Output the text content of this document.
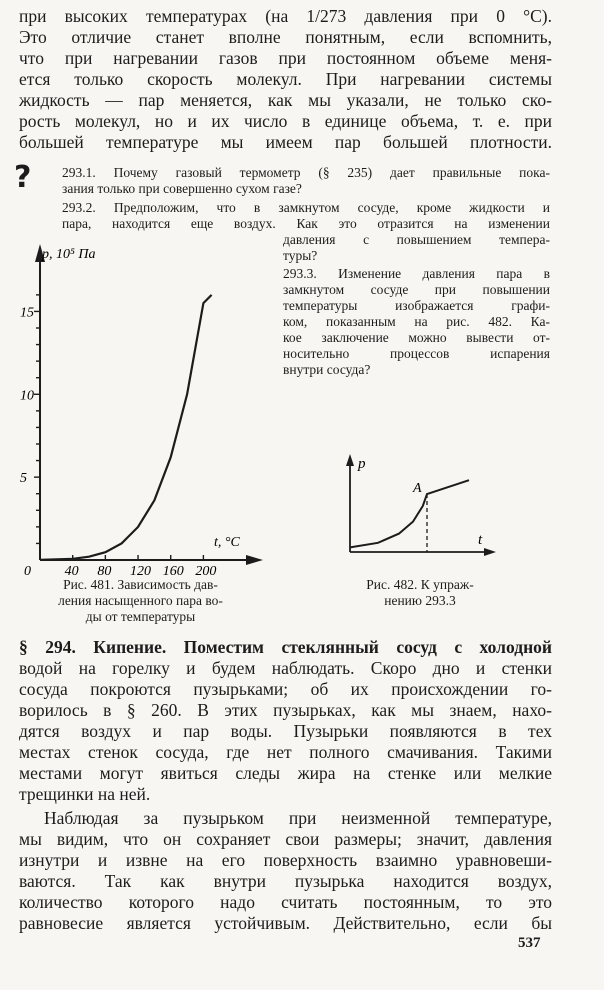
при высоких температурах (на 1/273 давления при 0 °С).
Это отличие станет вполне понятным, если вспомнить,
что при нагревании газов при постоянном объеме меня-
ется только скорость молекул. При нагревании системы
жидкость — пар меняется, как мы указали, не только ско-
рость молекул, но и их число в единице объема, т. е. при
большей температуре мы имеем пар большей плотности.
? 293.1. Почему газовый термометр (§ 235) дает правильные пока-
зания только при совершенно сухом газе?
293.2. Предположим, что в замкнутом сосуде, кроме жидкости и
пара, находится еще воздух. Как это отразится на изменении
давления с повышением темпера-
туры?
293.3. Изменение давления пара в
замкнутом сосуде при повышении
температуры изображается графи-
ком, показанным на рис. 482. Ка-
кое заключение можно вывести от-
носительно процессов испарения
внутри сосуда?
p, 10⁵ Па
t, °C
5
10
15
0 40 80 120 160 200
p
t
A
Рис. 481. Зависимость дав-
ления насыщенного пара во-
ды от температуры
Рис. 482. К упраж-
нению 293.3
§ 294. Кипение. Поместим стеклянный сосуд с холодной
водой на горелку и будем наблюдать. Скоро дно и стенки
сосуда покроются пузырьками; об их происхождении го-
ворилось в § 260. В этих пузырьках, как мы знаем, нахо-
дятся воздух и пар воды. Пузырьки появляются в тех
местах стенок сосуда, где нет полного смачивания. Такими
местами могут явиться следы жира на стенке или мелкие
трещинки на ней.
Наблюдая за пузырьком при неизменной температуре,
мы видим, что он сохраняет свои размеры; значит, давления
изнутри и извне на его поверхность взаимно уравновеши-
ваются. Так как внутри пузырька находится воздух,
количество которого надо считать постоянным, то это
равновесие является устойчивым. Действительно, если бы
537
